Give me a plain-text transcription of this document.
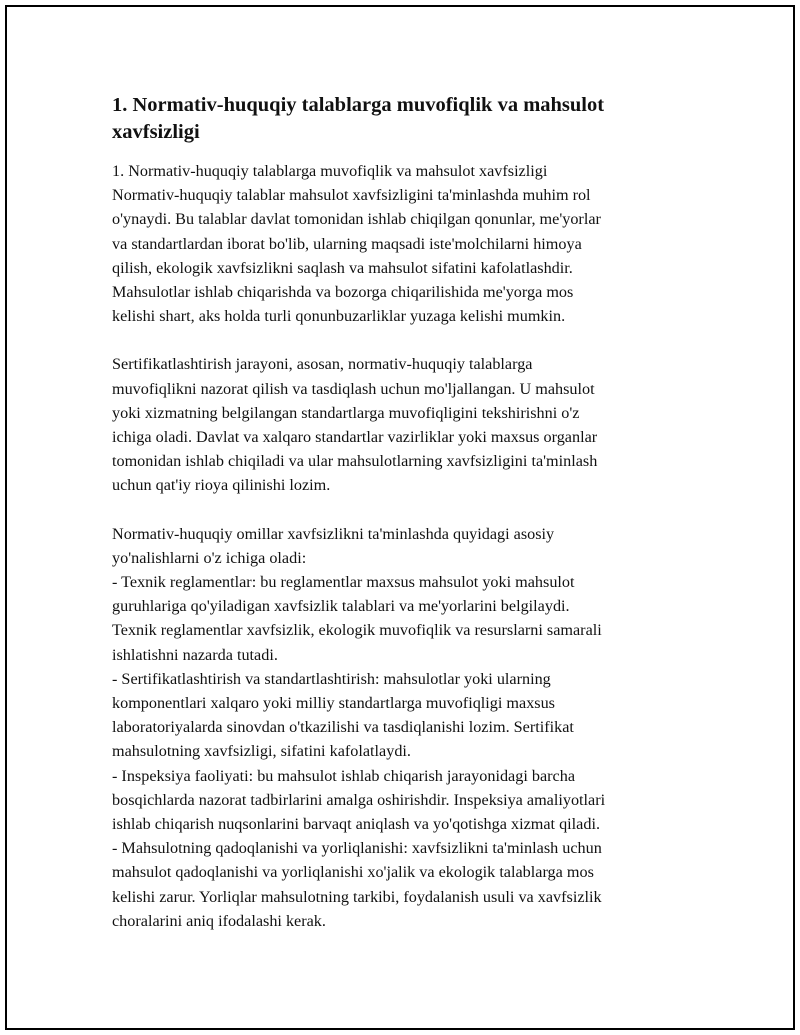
1. Normativ-huquqiy talablarga muvofiqlik va mahsulot
xavfsizligi

1. Normativ-huquqiy talablarga muvofiqlik va mahsulot xavfsizligi
Normativ-huquqiy talablar mahsulot xavfsizligini ta'minlashda muhim rol
o'ynaydi. Bu talablar davlat tomonidan ishlab chiqilgan qonunlar, me'yorlar
va standartlardan iborat bo'lib, ularning maqsadi iste'molchilarni himoya
qilish, ekologik xavfsizlikni saqlash va mahsulot sifatini kafolatlashdir.
Mahsulotlar ishlab chiqarishda va bozorga chiqarilishida me'yorga mos
kelishi shart, aks holda turli qonunbuzarliklar yuzaga kelishi mumkin.

Sertifikatlashtirish jarayoni, asosan, normativ-huquqiy talablarga
muvofiqlikni nazorat qilish va tasdiqlash uchun mo'ljallangan. U mahsulot
yoki xizmatning belgilangan standartlarga muvofiqligini tekshirishni o'z
ichiga oladi. Davlat va xalqaro standartlar vazirliklar yoki maxsus organlar
tomonidan ishlab chiqiladi va ular mahsulotlarning xavfsizligini ta'minlash
uchun qat'iy rioya qilinishi lozim.

Normativ-huquqiy omillar xavfsizlikni ta'minlashda quyidagi asosiy
yo'nalishlarni o'z ichiga oladi:
- Texnik reglamentlar: bu reglamentlar maxsus mahsulot yoki mahsulot
guruhlariga qo'yiladigan xavfsizlik talablari va me'yorlarini belgilaydi.
Texnik reglamentlar xavfsizlik, ekologik muvofiqlik va resurslarni samarali
ishlatishni nazarda tutadi.
- Sertifikatlashtirish va standartlashtirish: mahsulotlar yoki ularning
komponentlari xalqaro yoki milliy standartlarga muvofiqligi maxsus
laboratoriyalarda sinovdan o'tkazilishi va tasdiqlanishi lozim. Sertifikat
mahsulotning xavfsizligi, sifatini kafolatlaydi.
- Inspeksiya faoliyati: bu mahsulot ishlab chiqarish jarayonidagi barcha
bosqichlarda nazorat tadbirlarini amalga oshirishdir. Inspeksiya amaliyotlari
ishlab chiqarish nuqsonlarini barvaqt aniqlash va yo'qotishga xizmat qiladi.
- Mahsulotning qadoqlanishi va yorliqlanishi: xavfsizlikni ta'minlash uchun
mahsulot qadoqlanishi va yorliqlanishi xo'jalik va ekologik talablarga mos
kelishi zarur. Yorliqlar mahsulotning tarkibi, foydalanish usuli va xavfsizlik
choralarini aniq ifodalashi kerak.
